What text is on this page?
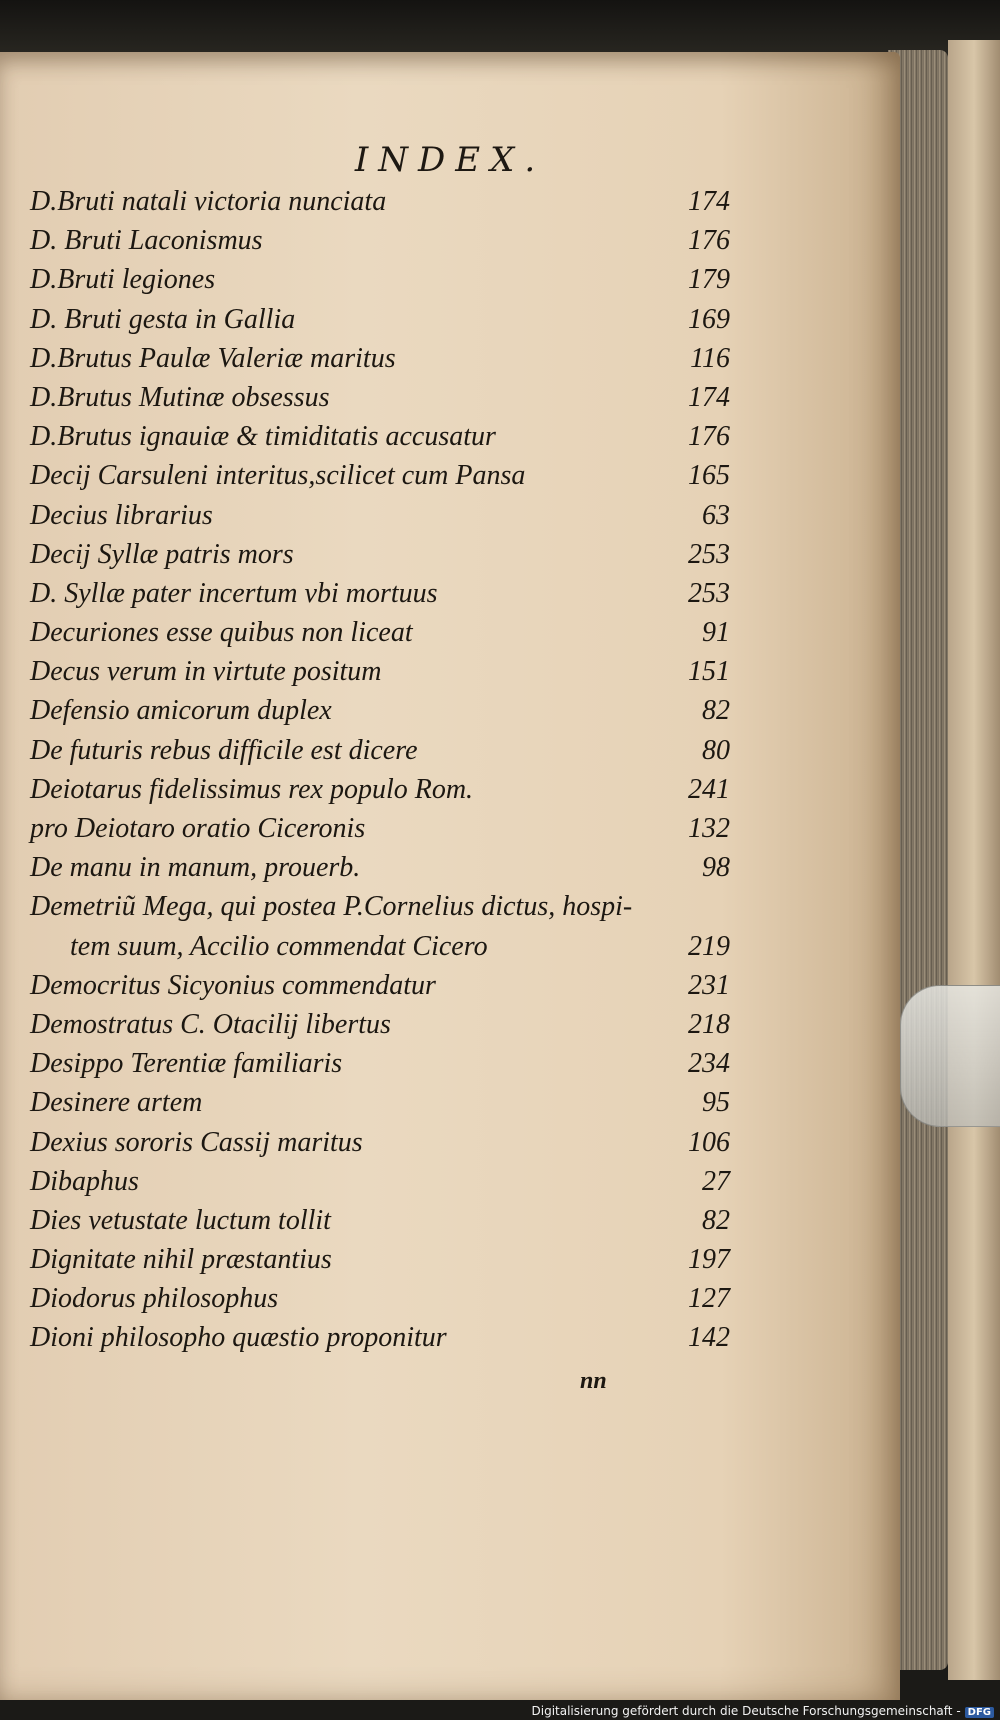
INDEX.
D.Bruti natali victoria nunciata	174
D. Bruti Laconismus	176
D.Bruti legiones	179
D. Bruti gesta in Gallia	169
D.Brutus Paulæ Valeriæ maritus	116
D.Brutus Mutinæ obsessus	174
D.Brutus ignauiæ & timiditatis accusatur	176
Decij Carsuleni interitus,scilicet cum Pansa	165
Decius librarius	63
Decij Syllæ patris mors	253
D. Syllæ pater incertum vbi mortuus	253
Decuriones esse quibus non liceat	91
Decus verum in virtute positum	151
Defensio amicorum duplex	82
De futuris rebus difficile est dicere	80
Deiotarus fidelissimus rex populo Rom.	241
pro Deiotaro oratio Ciceronis	132
De manu in manum, prouerb.	98
Demetriũ Mega, qui postea P.Cornelius dictus, hospi-
tem suum, Accilio commendat Cicero	219
Democritus Sicyonius commendatur	231
Demostratus C. Otacilij libertus	218
Desippo Terentiæ familiaris	234
Desinere artem	95
Dexius sororis Cassij maritus	106
Dibaphus	27
Dies vetustate luctum tollit	82
Dignitate nihil præstantius	197
Diodorus philosophus	127
Dioni philosopho quæstio proponitur	142
nn
Digitalisierung gefördert durch die Deutsche Forschungsgemeinschaft - DFG
